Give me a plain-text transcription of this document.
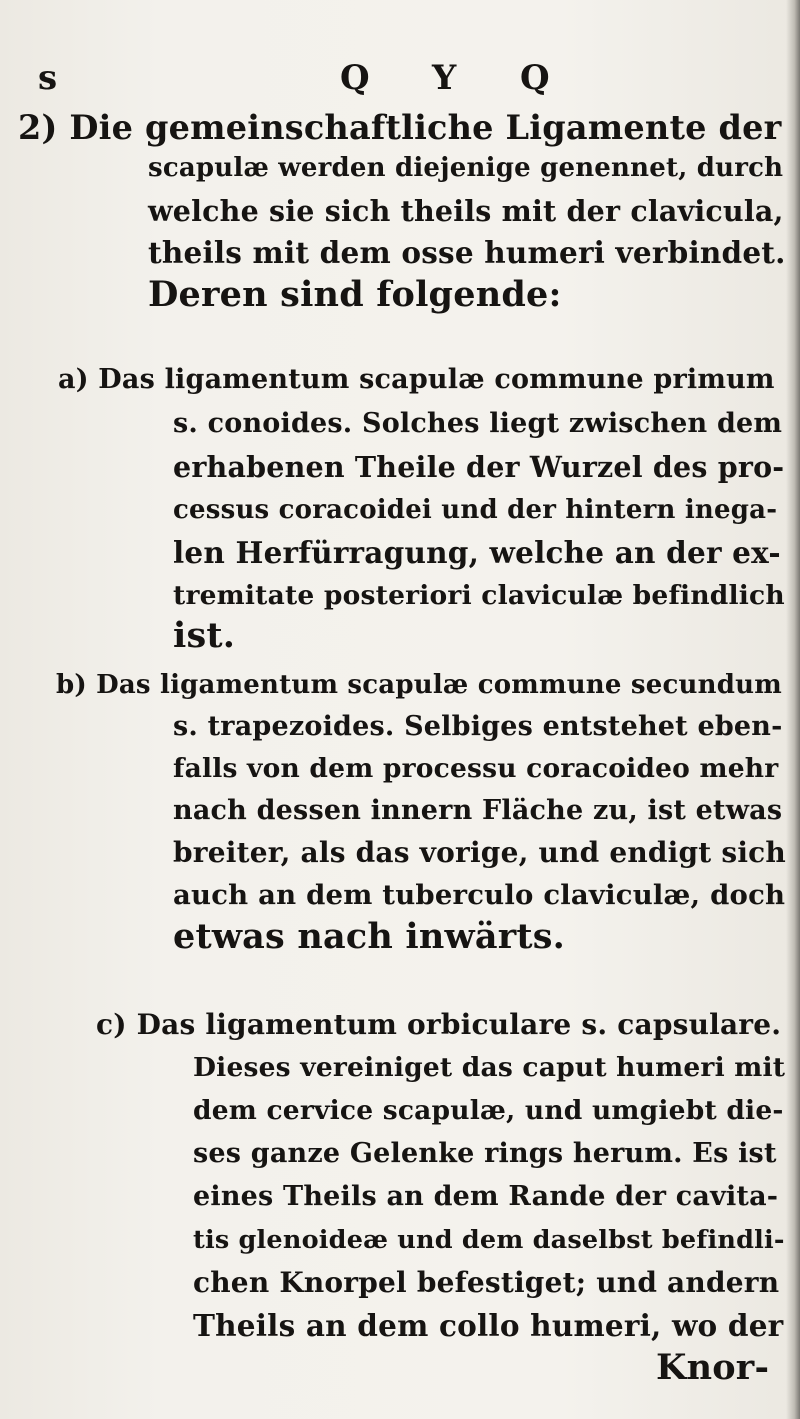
s	Q Y Q
2) Die gemeinschaftliche Ligamente der
scapulæ werden diejenige genennet, durch
welche sie sich theils mit der clavicula,
theils mit dem osse humeri verbindet.
Deren sind folgende:
a) Das ligamentum scapulæ commune primum
s. conoides. Solches liegt zwischen dem
erhabenen Theile der Wurzel des pro-
cessus coracoidei und der hintern inega-
len Herfürragung, welche an der ex-
tremitate posteriori claviculæ befindlich
ist.
b) Das ligamentum scapulæ commune secundum
s. trapezoides. Selbiges entstehet eben-
falls von dem processu coracoideo mehr
nach dessen innern Fläche zu, ist etwas
breiter, als das vorige, und endigt sich
auch an dem tuberculo claviculæ, doch
etwas nach inwärts.
c) Das ligamentum orbiculare s. capsulare.
Dieses vereiniget das caput humeri mit
dem cervice scapulæ, und umgiebt die-
ses ganze Gelenke rings herum. Es ist
eines Theils an dem Rande der cavita-
tis glenoideæ und dem daselbst befindli-
chen Knorpel befestiget; und andern
Theils an dem collo humeri, wo der
Knor-
